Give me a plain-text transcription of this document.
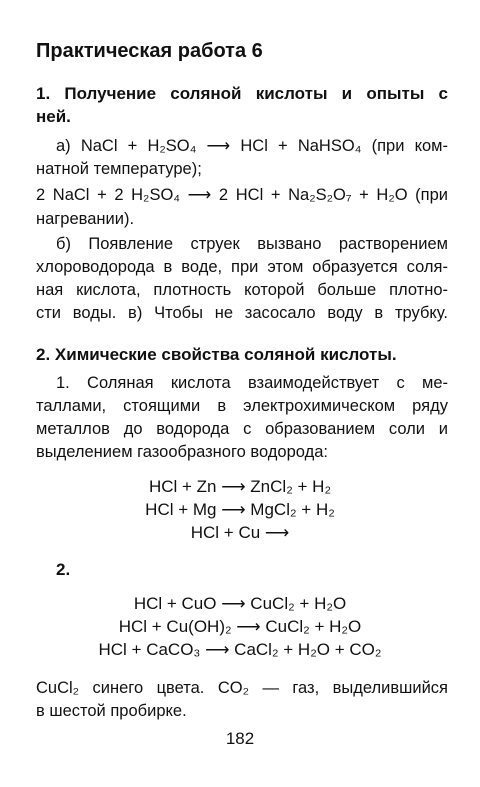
Практическая работа 6
1. Получение соляной кислоты и опыты с
ней.
а) NaCl + H₂SO₄ ⟶ HCl + NaHSO₄ (при ком-
натной температуре);
2 NaCl + 2 H₂SO₄ ⟶ 2 HCl + Na₂S₂O₇ + H₂O (при
нагревании).
б) Появление струек вызвано растворением
хлороводорода в воде, при этом образуется соля-
ная кислота, плотность которой больше плотно-
сти воды. в) Чтобы не засосало воду в трубку.
2. Химические свойства соляной кислоты.
1. Соляная кислота взаимодействует с ме-
таллами, стоящими в электрохимическом ряду
металлов до водорода с образованием соли и
выделением газообразного водорода:
HCl + Zn ⟶ ZnCl₂ + H₂
HCl + Mg ⟶ MgCl₂ + H₂
HCl + Cu ⟶
2.
HCl + CuO ⟶ CuCl₂ + H₂O
HCl + Cu(OH)₂ ⟶ CuCl₂ + H₂O
HCl + CaCO₃ ⟶ CaCl₂ + H₂O + CO₂
CuCl₂ синего цвета. CO₂ — газ, выделившийся
в шестой пробирке.
182
